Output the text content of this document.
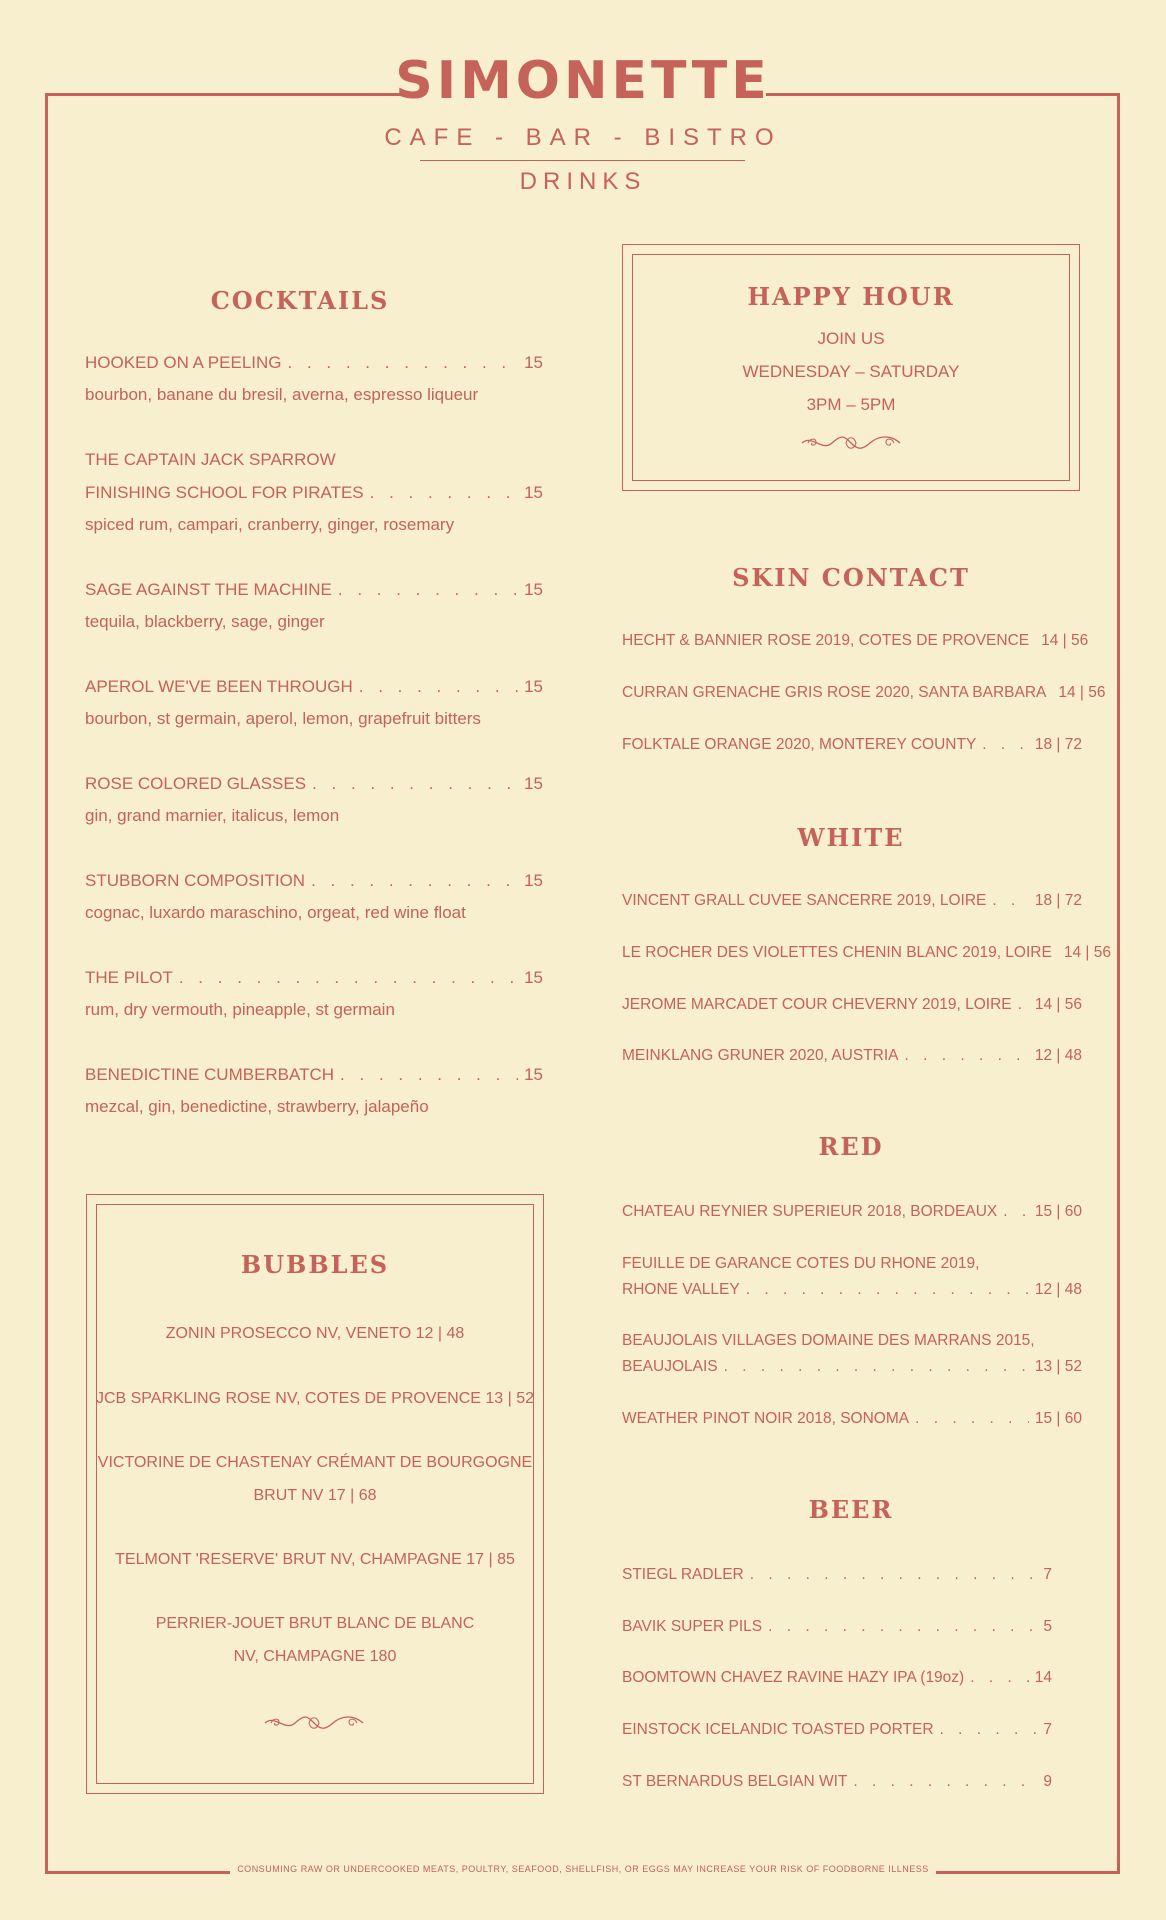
SIMONETTE
CAFE - BAR - BISTRO
DRINKS
COCKTAILS
HOOKED ON A PEELING . . .	15
bourbon, banane du bresil, averna, espresso liqueur
THE CAPTAIN JACK SPARROW
FINISHING SCHOOL FOR PIRATES . . .	15
spiced rum, campari, cranberry, ginger, rosemary
SAGE AGAINST THE MACHINE . . .	15
tequila, blackberry, sage, ginger
APEROL WE'VE BEEN THROUGH . . .	15
bourbon, st germain, aperol, lemon, grapefruit bitters
ROSE COLORED GLASSES . . .	15
gin, grand marnier, italicus, lemon
STUBBORN COMPOSITION . . .	15
cognac, luxardo maraschino, orgeat, red wine float
THE PILOT . . .	15
rum, dry vermouth, pineapple, st germain
BENEDICTINE CUMBERBATCH . . .	15
mezcal, gin, benedictine, strawberry, jalapeño
HAPPY HOUR
JOIN US
WEDNESDAY – SATURDAY
3PM – 5PM
SKIN CONTACT
HECHT & BANNIER ROSE 2019, COTES DE PROVENCE 14 | 56
CURRAN GRENACHE GRIS ROSE 2020, SANTA BARBARA 14 | 56
FOLKTALE ORANGE 2020, MONTEREY COUNTY . . .	18 | 72
WHITE
VINCENT GRALL CUVEE SANCERRE 2019, LOIRE . . .	18 | 72
LE ROCHER DES VIOLETTES CHENIN BLANC 2019, LOIRE 14 | 56
JEROME MARCADET COUR CHEVERNY 2019, LOIRE . . . 14 | 56
MEINKLANG GRUNER 2020, AUSTRIA . . .	12 | 48
RED
CHATEAU REYNIER SUPERIEUR 2018, BORDEAUX . . . 15 | 60
FEUILLE DE GARANCE COTES DU RHONE 2019,
RHONE VALLEY . . .	12 | 48
BEAUJOLAIS VILLAGES DOMAINE DES MARRANS 2015,
BEAUJOLAIS . . .	13 | 52
WEATHER PINOT NOIR 2018, SONOMA . . .	15 | 60
BUBBLES
ZONIN PROSECCO NV, VENETO 12 | 48
JCB SPARKLING ROSE NV, COTES DE PROVENCE 13 | 52
VICTORINE DE CHASTENAY CRÉMANT DE BOURGOGNE
BRUT NV 17 | 68
TELMONT 'RESERVE' BRUT NV, CHAMPAGNE 17 | 85
PERRIER-JOUET BRUT BLANC DE BLANC
NV, CHAMPAGNE 180
BEER
STIEGL RADLER . . .	7
BAVIK SUPER PILS . . .	5
BOOMTOWN CHAVEZ RAVINE HAZY IPA (19oz) . . .	14
EINSTOCK ICELANDIC TOASTED PORTER . . .	7
ST BERNARDUS BELGIAN WIT . . .	9
CONSUMING RAW OR UNDERCOOKED MEATS, POULTRY, SEAFOOD, SHELLFISH, OR EGGS MAY INCREASE YOUR RISK OF FOODBORNE ILLNESS
